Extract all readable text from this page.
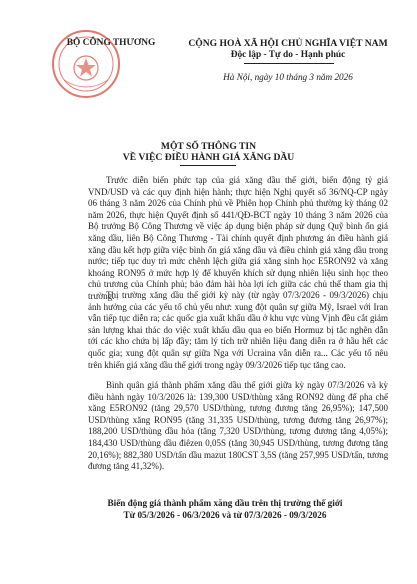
BỘ CÔNG THƯƠNG	CỘNG HOÀ XÃ HỘI CHỦ NGHĨA VIỆT NAM
Độc lập - Tự do - Hạnh phúc
Hà Nội, ngày 10 tháng 3 năm 2026
MỘT SỐ THÔNG TIN
VỀ VIỆC ĐIỀU HÀNH GIÁ XĂNG DẦU
Trước diễn biến phức tạp của giá xăng dầu thế giới, biến động tỷ giá
VND/USD và các quy định hiện hành; thực hiện Nghị quyết số 36/NQ-CP ngày
06 tháng 3 năm 2026 của Chính phủ về Phiên họp Chính phủ thường kỳ tháng 02
năm 2026, thực hiện Quyết định số 441/QĐ-BCT ngày 10 tháng 3 năm 2026 của
Bộ trưởng Bộ Công Thương về việc áp dụng biện pháp sử dụng Quỹ bình ổn giá
xăng dầu, liên Bộ Công Thương - Tài chính quyết định phương án điều hành giá
xăng dầu kết hợp giữa việc bình ổn giá xăng dầu và điều chỉnh giá xăng dầu trong
nước; tiếp tục duy trì mức chênh lệch giữa giá xăng sinh học E5RON92 và xăng
khoáng RON95 ở mức hợp lý để khuyến khích sử dụng nhiên liệu sinh học theo
chủ trương của Chính phủ; bảo đảm hài hòa lợi ích giữa các chủ thể tham gia thị
trường.
Thị trường xăng dầu thế giới kỳ này (từ ngày 07/3/2026 - 09/3/2026) chịu
ảnh hưởng của các yếu tố chủ yếu như: xung đột quân sự giữa Mỹ, Israel với Iran
vẫn tiếp tục diễn ra; các quốc gia xuất khẩu dầu ở khu vực vùng Vịnh đều cắt giảm
sản lượng khai thác do việc xuất khẩu dầu qua eo biển Hormuz bị tắc nghẽn dẫn
tới các kho chứa bị lấp đầy; tăm lý tích trữ nhiên liệu đang diễn ra ở hầu hết các
quốc gia; xung đột quân sự giữa Nga với Ucraina vẫn diễn ra... Các yếu tố nêu
trên khiến giá xăng dầu thế giới trong ngày 09/3/2026 tiếp tục tăng cao.
Bình quân giá thành phẩm xăng dầu thế giới giữa kỳ ngày 07/3/2026 và kỳ
điều hành ngày 10/3/2026 là: 139,300 USD/thùng xăng RON92 dùng để pha chế
xăng E5RON92 (tăng 29,570 USD/thùng, tương đương tăng 26,95%); 147,500
USD/thùng xăng RON95 (tăng 31,335 USD/thùng, tương đương tăng 26,97%);
188,200 USD/thùng dầu hỏa (tăng 7,320 USD/thùng, tương đương tăng 4,05%);
184,430 USD/thùng dầu điêzen 0,05S (tăng 30,945 USD/thùng, tương đương tăng
20,16%); 882,380 USD/tấn dầu mazut 180CST 3,5S (tăng 257,995 USD/tấn, tương
đương tăng 41,32%).
Biến động giá thành phẩm xăng dầu trên thị trường thế giới
Từ 05/3/2026 - 06/3/2026 và từ 07/3/2026 - 09/3/2026
